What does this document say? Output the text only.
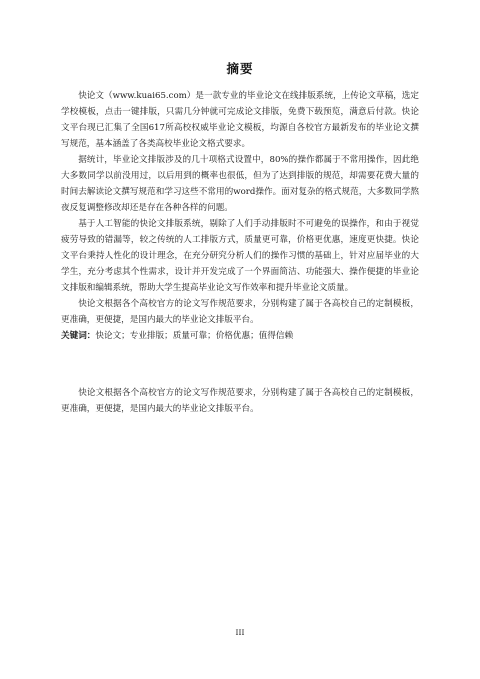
摘要

快论文（www.kuai65.com）是一款专业的毕业论文在线排版系统，上传论文草稿，选定学校模板，点击一键排版，只需几分钟就可完成论文排版，免费下载预览，满意后付款。快论文平台现已汇集了全国617所高校权威毕业论文模板，均源自各校官方最新发布的毕业论文撰写规范，基本涵盖了各类高校毕业论文格式要求。

据统计，毕业论文排版涉及的几十项格式设置中，80%的操作都属于不常用操作，因此绝大多数同学以前没用过，以后用到的概率也很低，但为了达到排版的规范，却需要花费大量的时间去解读论文撰写规范和学习这些不常用的word操作。面对复杂的格式规范，大多数同学熬夜反复调整修改却还是存在各种各样的问题。

基于人工智能的快论文排版系统，剔除了人们手动排版时不可避免的误操作，和由于视觉疲劳导致的错漏等，较之传统的人工排版方式，质量更可靠，价格更优惠，速度更快捷。快论文平台秉持人性化的设计理念，在充分研究分析人们的操作习惯的基础上，针对应届毕业的大学生，充分考虑其个性需求，设计并开发完成了一个界面简洁、功能强大、操作便捷的毕业论文排版和编辑系统，帮助大学生提高毕业论文写作效率和提升毕业论文质量。

快论文根据各个高校官方的论文写作规范要求，分别构建了属于各高校自己的定制模板，更准确，更便捷，是国内最大的毕业论文排版平台。

关键词：快论文；专业排版；质量可靠；价格优惠；值得信赖

快论文根据各个高校官方的论文写作规范要求，分别构建了属于各高校自己的定制模板，更准确，更便捷，是国内最大的毕业论文排版平台。

III
